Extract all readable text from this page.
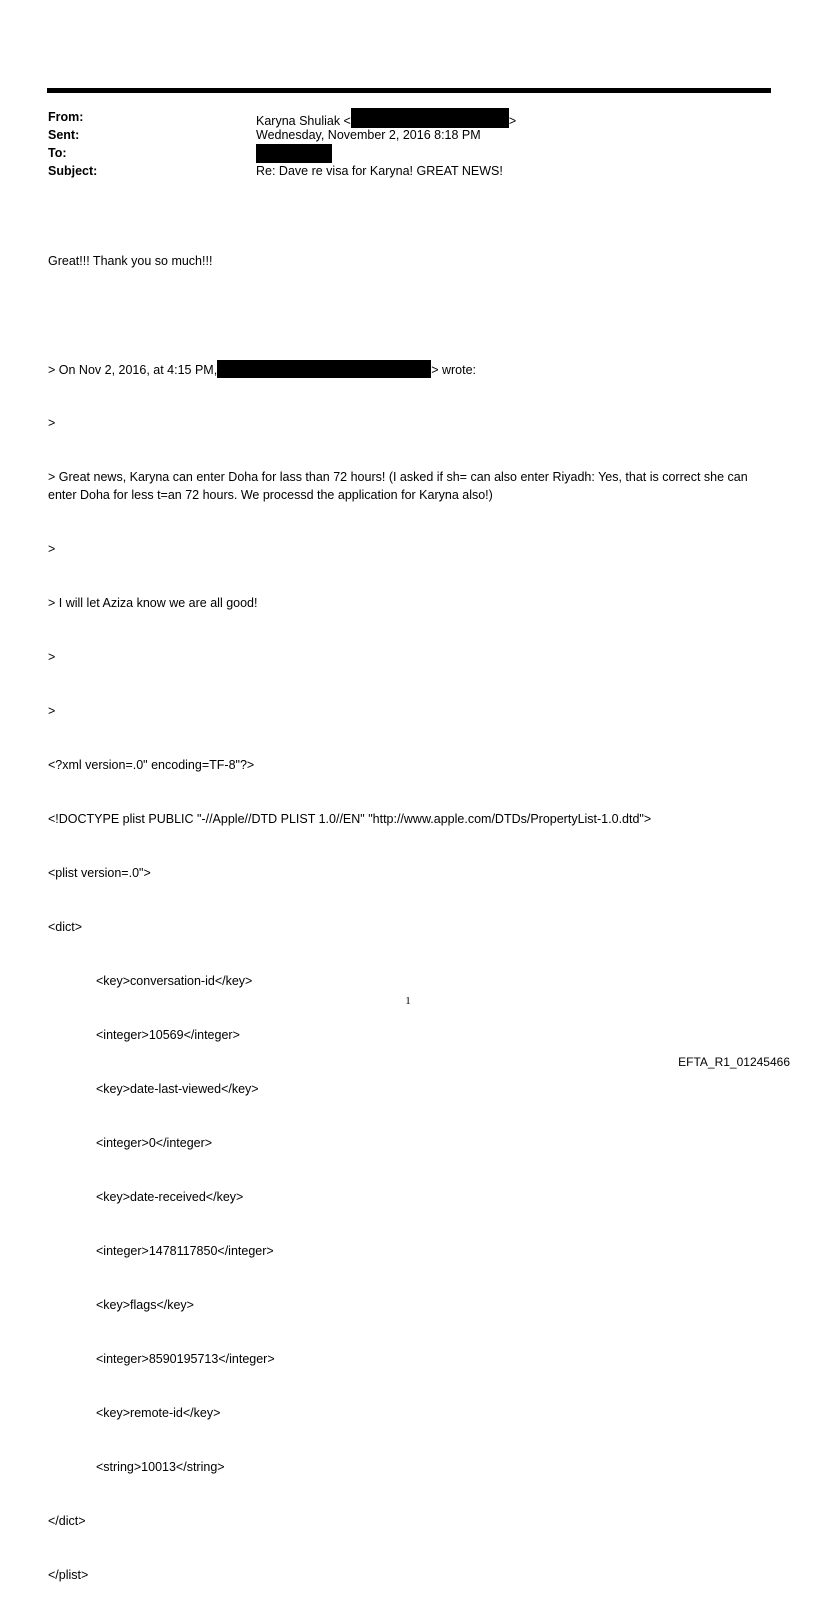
From:	Karyna Shuliak <	>
Sent:	Wednesday, November 2, 2016 8:18 PM
To:
Subject:	Re: Dave re visa for Karyna! GREAT NEWS!

Great!!! Thank you so much!!!

> On Nov 2, 2016, at 4:15 PM,	> wrote:

>

> Great news, Karyna can enter Doha for lass than 72 hours! (I asked if sh= can also enter Riyadh: Yes, that is correct she can enter Doha for less t=an 72 hours. We processd the application for Karyna also!)

>

> I will let Aziza know we are all good!

>

>

<?xml version=.0" encoding=TF-8"?>

<!DOCTYPE plist PUBLIC "-//Apple//DTD PLIST 1.0//EN" "http://www.apple.com/DTDs/PropertyList-1.0.dtd">

<plist version=.0">

<dict>

<key>conversation-id</key>

<integer>10569</integer>

<key>date-last-viewed</key>

<integer>0</integer>

<key>date-received</key>

<integer>1478117850</integer>

<key>flags</key>

<integer>8590195713</integer>

<key>remote-id</key>

<string>10013</string>

</dict>

</plist>

1
EFTA_R1_01245466
